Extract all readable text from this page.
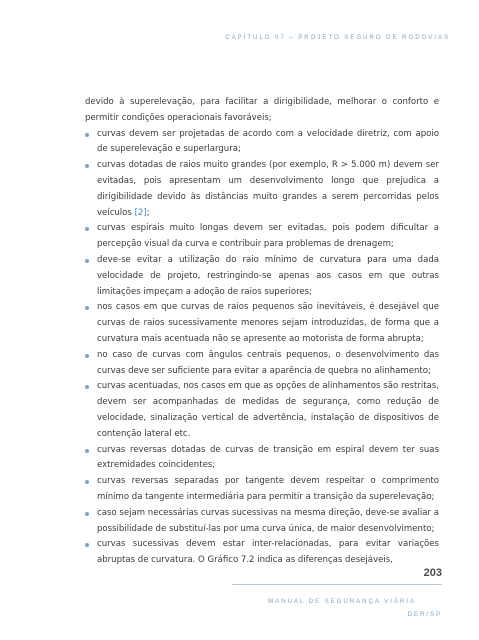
CAPÍTULO 07 – PROJETO SEGURO DE RODOVIAS

devido à superelevação, para facilitar a dirigibilidade, melhorar o conforto e permitir condições operacionais favoráveis;

curvas devem ser projetadas de acordo com a velocidade diretriz, com apoio de superelevação e superlargura;

curvas dotadas de raios muito grandes (por exemplo, R > 5.000 m) devem ser evitadas, pois apresentam um desenvolvimento longo que prejudica a dirigibilidade devido às distâncias muito grandes a serem percorridas pelos veículos [2];

curvas espirais muito longas devem ser evitadas, pois podem dificultar a percepção visual da curva e contribuir para problemas de drenagem;

deve-se evitar a utilização do raio mínimo de curvatura para uma dada velocidade de projeto, restringindo-se apenas aos casos em que outras limitações impeçam a adoção de raios superiores;

nos casos em que curvas de raios pequenos são inevitáveis, é desejável que curvas de raios sucessivamente menores sejam introduzidas, de forma que a curvatura mais acentuada não se apresente ao motorista de forma abrupta;

no caso de curvas com ângulos centrais pequenos, o desenvolvimento das curvas deve ser suficiente para evitar a aparência de quebra no alinhamento;

curvas acentuadas, nos casos em que as opções de alinhamentos são restritas, devem ser acompanhadas de medidas de segurança, como redução de velocidade, sinalização vertical de advertência, instalação de dispositivos de contenção lateral etc.

curvas reversas dotadas de curvas de transição em espiral devem ter suas extremidades coincidentes;

curvas reversas separadas por tangente devem respeitar o comprimento mínimo da tangente intermediária para permitir a transição da superelevação;

caso sejam necessárias curvas sucessivas na mesma direção, deve-se avaliar a possibilidade de substituí-las por uma curva única, de maior desenvolvimento;

curvas sucessivas devem estar inter-relacionadas, para evitar variações abruptas de curvatura. O Gráfico 7.2 indica as diferenças desejáveis,

203
MANUAL DE SEGURANÇA VIÁRIA
DER/SP
